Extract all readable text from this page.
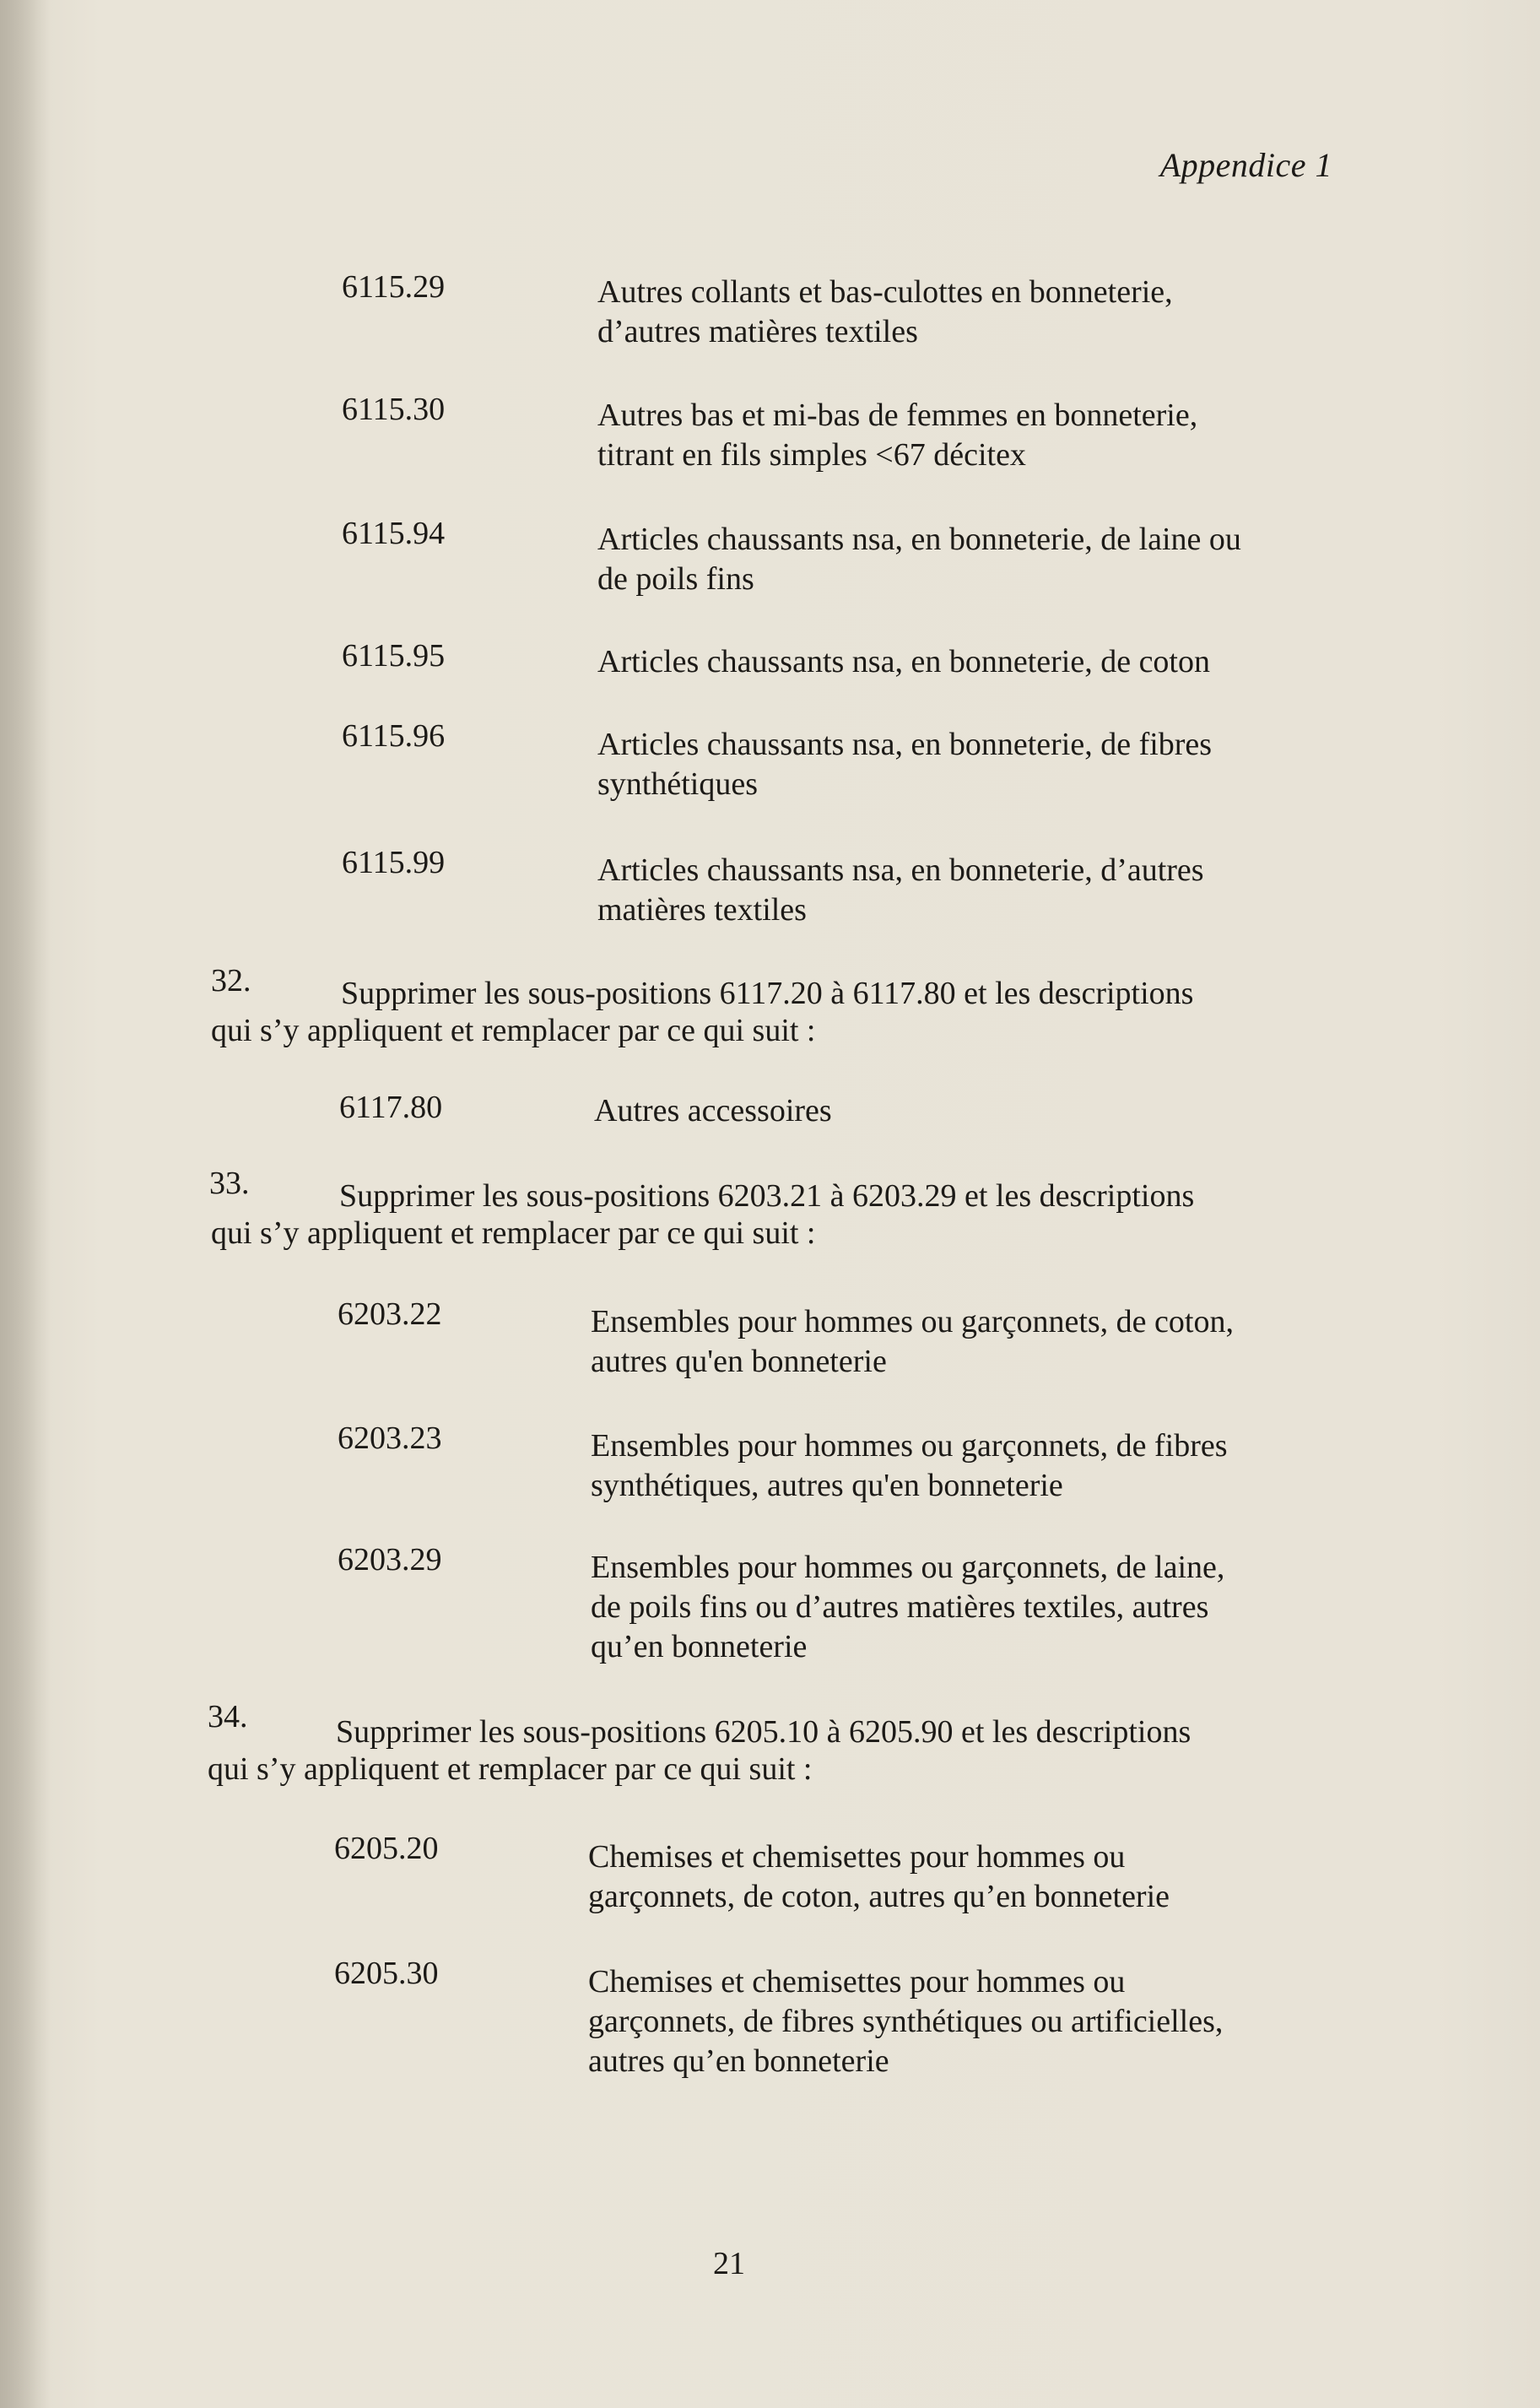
Appendice 1
6115.29	Autres collants et bas-culottes en bonneterie,
d’autres matières textiles
6115.30	Autres bas et mi-bas de femmes en bonneterie,
titrant en fils simples <67 décitex
6115.94	Articles chaussants nsa, en bonneterie, de laine ou
de poils fins
6115.95	Articles chaussants nsa, en bonneterie, de coton
6115.96	Articles chaussants nsa, en bonneterie, de fibres
synthétiques
6115.99	Articles chaussants nsa, en bonneterie, d’autres
matières textiles
32.	Supprimer les sous-positions 6117.20 à 6117.80 et les descriptions
qui s’y appliquent et remplacer par ce qui suit :
6117.80	Autres accessoires
33.	Supprimer les sous-positions 6203.21 à 6203.29 et les descriptions
qui s’y appliquent et remplacer par ce qui suit :
6203.22	Ensembles pour hommes ou garçonnets, de coton,
autres qu'en bonneterie
6203.23	Ensembles pour hommes ou garçonnets, de fibres
synthétiques, autres qu'en bonneterie
6203.29	Ensembles pour hommes ou garçonnets, de laine,
de poils fins ou d’autres matières textiles, autres
qu’en bonneterie
34.	Supprimer les sous-positions 6205.10 à 6205.90 et les descriptions
qui s’y appliquent et remplacer par ce qui suit :
6205.20	Chemises et chemisettes pour hommes ou
garçonnets, de coton, autres qu’en bonneterie
6205.30	Chemises et chemisettes pour hommes ou
garçonnets, de fibres synthétiques ou artificielles,
autres qu’en bonneterie
21
